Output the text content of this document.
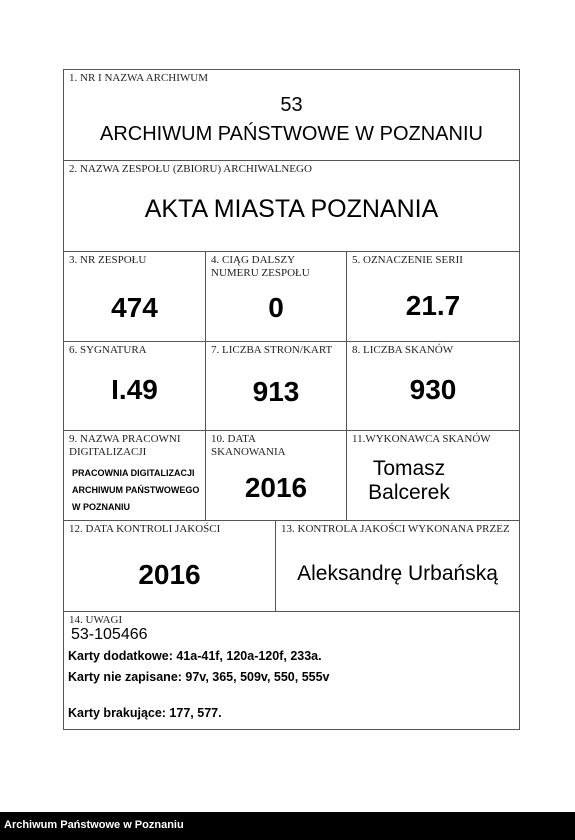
1. NR I NAZWA ARCHIWUM
53
ARCHIWUM PAŃSTWOWE W POZNANIU
2. NAZWA ZESPOŁU (ZBIORU) ARCHIWALNEGO
AKTA MIASTA POZNANIA
3. NR ZESPOŁU
474
4. CIĄG DALSZY NUMERU ZESPOŁU
0
5. OZNACZENIE SERII
21.7
6. SYGNATURA
I.49
7. LICZBA STRON/KART
913
8. LICZBA SKANÓW
930
9. NAZWA PRACOWNI DIGITALIZACJI
PRACOWNIA DIGITALIZACJI
ARCHIWUM PAŃSTWOWEGO
W POZNANIU
10. DATA SKANOWANIA
2016
11.WYKONAWCA SKANÓW
Tomasz
Balcerek
12. DATA KONTROLI JAKOŚCI
2016
13. KONTROLA JAKOŚCI WYKONANA PRZEZ
Aleksandrę Urbańską
14. UWAGI
53-105466
Karty dodatkowe: 41a-41f, 120a-120f, 233a.
Karty nie zapisane: 97v, 365, 509v, 550, 555v
Karty brakujące: 177, 577.
Archiwum Państwowe w Poznaniu
